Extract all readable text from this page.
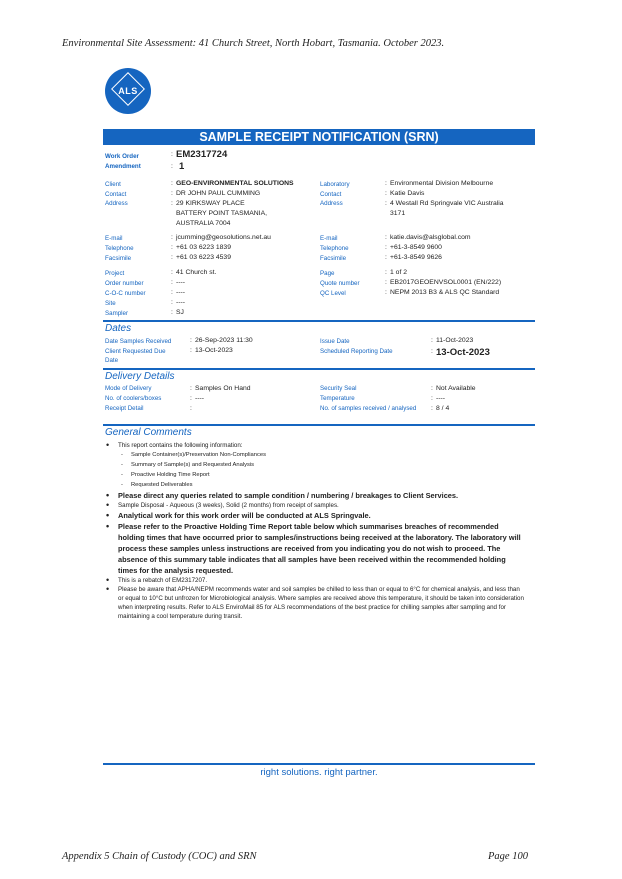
Environmental Site Assessment: 41 Church Street, North Hobart, Tasmania. October 2023.
ALS
SAMPLE RECEIPT NOTIFICATION (SRN)
Work Order	: EM2317724
Amendment	: 1
Client	: GEO-ENVIRONMENTAL SOLUTIONS
Contact	: DR JOHN PAUL CUMMING
Address	: 29 KIRKSWAY PLACE
BATTERY POINT TASMANIA,
AUSTRALIA 7004
E-mail	: jcumming@geosolutions.net.au
Telephone	: +61 03 6223 1839
Facsimile	: +61 03 6223 4539
Project	: 41 Church st.
Order number	: ----
C-O-C number	: ----
Site	: ----
Sampler	: SJ
Laboratory	: Environmental Division Melbourne
Contact	: Katie Davis
Address	: 4 Westall Rd Springvale VIC Australia
3171
E-mail	: katie.davis@alsglobal.com
Telephone	: +61-3-8549 9600
Facsimile	: +61-3-8549 9626
Page	: 1 of 2
Quote number	: EB2017GEOENVSOL0001 (EN/222)
QC Level	: NEPM 2013 B3 & ALS QC Standard
Dates
Date Samples Received	: 26-Sep-2023 11:30
Client Requested Due
Date
: 13-Oct-2023
Issue Date	: 11-Oct-2023
Scheduled Reporting Date	: 13-Oct-2023
Delivery Details
Mode of Delivery	: Samples On Hand
No. of coolers/boxes	: ----
Receipt Detail	:
Security Seal	: Not Available
Temperature	: ----
No. of samples received / analysed : 8 / 4
General Comments
• This report contains the following information:
- Sample Container(s)/Preservation Non-Compliances
- Summary of Sample(s) and Requested Analysis
- Proactive Holding Time Report
- Requested Deliverables
• Please direct any queries related to sample condition / numbering / breakages to Client Services.
• Sample Disposal - Aqueous (3 weeks), Solid (2 months) from receipt of samples.
• Analytical work for this work order will be conducted at ALS Springvale.
• Please refer to the Proactive Holding Time Report table below which summarises breaches of recommended holding times that have occurred prior to samples/instructions being received at the laboratory. The laboratory will process these samples unless instructions are received from you indicating you do not wish to proceed. The absence of this summary table indicates that all samples have been received within the recommended holding times for the analysis requested.
• This is a rebatch of EM2317207.
• Please be aware that APHA/NEPM recommends water and soil samples be chilled to less than or equal to 6°C for chemical analysis, and less than or equal to 10°C but unfrozen for Microbiological analysis. Where samples are received above this temperature, it should be taken into consideration when interpreting results. Refer to ALS EnviroMail 85 for ALS recommendations of the best practice for chilling samples after sampling and for maintaining a cool temperature during transit.
right solutions. right partner.
Appendix 5 Chain of Custody (COC) and SRN	Page 100
